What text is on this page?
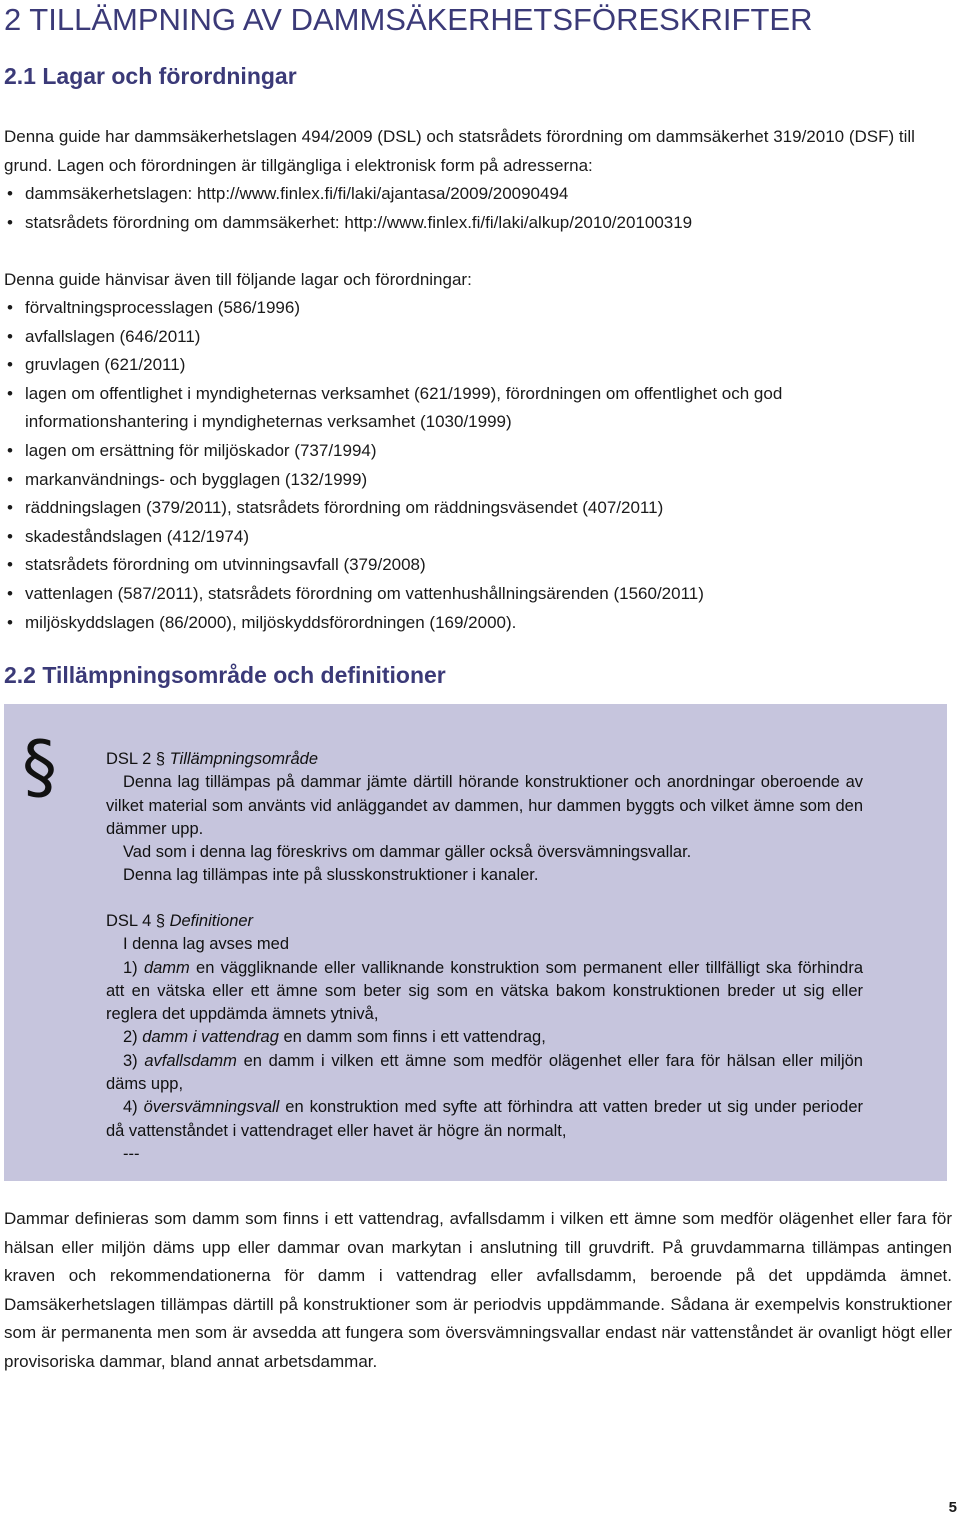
2 TILLÄMPNING AV DAMMSÄKERHETSFÖRESKRIFTER
2.1 Lagar och förordningar

Denna guide har dammsäkerhetslagen 494/2009 (DSL) och statsrådets förordning om dammsäkerhet 319/2010 (DSF) till grund. Lagen och förordningen är tillgängliga i elektronisk form på adresserna:

• dammsäkerhetslagen: http://www.finlex.fi/fi/laki/ajantasa/2009/20090494
• statsrådets förordning om dammsäkerhet: http://www.finlex.fi/fi/laki/alkup/2010/20100319

Denna guide hänvisar även till följande lagar och förordningar:

• förvaltningsprocesslagen (586/1996)
• avfallslagen (646/2011)
• gruvlagen (621/2011)
• lagen om offentlighet i myndigheternas verksamhet (621/1999), förordningen om offentlighet och god informationshantering i myndigheternas verksamhet (1030/1999)
• lagen om ersättning för miljöskador (737/1994)
• markanvändnings- och bygglagen (132/1999)
• räddningslagen (379/2011), statsrådets förordning om räddningsväsendet (407/2011)
• skadeståndslagen (412/1974)
• statsrådets förordning om utvinningsavfall (379/2008)
• vattenlagen (587/2011), statsrådets förordning om vattenhushållningsärenden (1560/2011)
• miljöskyddslagen (86/2000), miljöskyddsförordningen (169/2000).
2.2 Tillämpningsområde och definitioner
§	DSL 2 § Tillämpningsområde

Denna lag tillämpas på dammar jämte därtill hörande konstruktioner och anordningar oberoende av vilket material som använts vid anläggandet av dammen, hur dammen byggts och vilket ämne som den dämmer upp.

Vad som i denna lag föreskrivs om dammar gäller också översvämningsvallar.

Denna lag tillämpas inte på slusskonstruktioner i kanaler.

DSL 4 § Definitioner

I denna lag avses med

1) damm en väggliknande eller valliknande konstruktion som permanent eller tillfälligt ska förhindra att en vätska eller ett ämne som beter sig som en vätska bakom konstruktionen breder ut sig eller reglera det uppdämda ämnets ytnivå,

2) damm i vattendrag en damm som finns i ett vattendrag,

3) avfallsdamm en damm i vilken ett ämne som medför olägenhet eller fara för hälsan eller miljön däms upp,

4) översvämningsvall en konstruktion med syfte att förhindra att vatten breder ut sig under perioder då vattenståndet i vattendraget eller havet är högre än normalt,

---

Dammar definieras som damm som finns i ett vattendrag, avfallsdamm i vilken ett ämne som medför olägenhet eller fara för hälsan eller miljön däms upp eller dammar ovan markytan i anslutning till gruvdrift. På gruvdammarna tillämpas antingen kraven och rekommendationerna för damm i vattendrag eller avfallsdamm, beroende på det uppdämda ämnet. Damsäkerhetslagen tillämpas därtill på konstruktioner som är periodvis uppdämmande. Sådana är exempelvis konstruktioner som är permanenta men som är avsedda att fungera som översvämningsvallar endast när vattenståndet är ovanligt högt eller provisoriska dammar, bland annat arbetsdammar.

5
